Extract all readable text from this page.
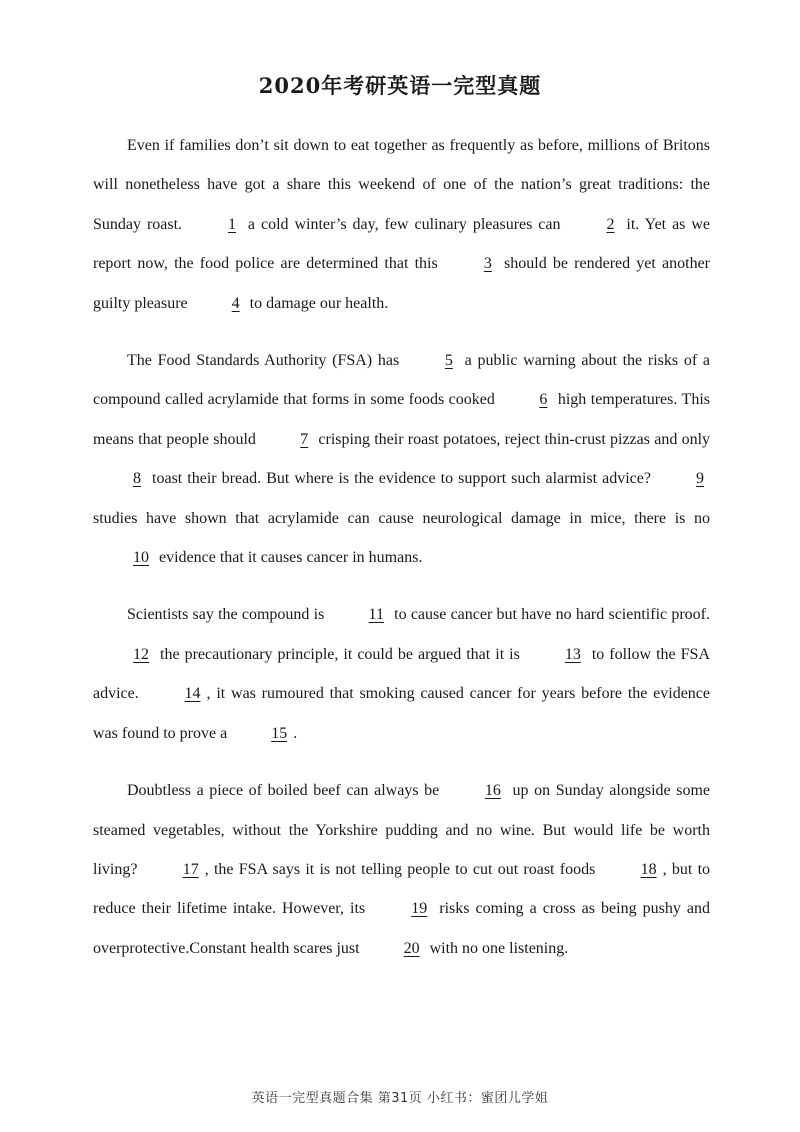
2020年考研英语一完型真题

Even if families don’t sit down to eat together as frequently as before, millions of Britons will nonetheless have got a share this weekend of one of the nation’s great traditions: the Sunday roast.	1 a cold winter’s day, few culinary pleasures can	2 it. Yet as we report now, the food police are determined that this	3 should be rendered yet another guilty pleasure	4 to damage our health.

The Food Standards Authority (FSA) has	5 a public warning about the risks of a compound called acrylamide that forms in some foods cooked	6 high temperatures. This means that people should	7 crisping their roast potatoes, reject thin-crust pizzas and only 8 toast their bread. But where is the evidence to support such alarmist advice?	9 studies have shown that acrylamide can cause neurological damage in mice, there is no 10 evidence that it causes cancer in humans.

Scientists say the compound is	11 to cause cancer but have no hard scientific proof. 12 the precautionary principle, it could be argued that it is	13 to follow the FSA advice.	14 , it was rumoured that smoking caused cancer for years before the evidence was found to prove a	15 .

Doubtless a piece of boiled beef can always be	16 up on Sunday alongside some steamed vegetables, without the Yorkshire pudding and no wine. But would life be worth living?	17 , the FSA says it is not telling people to cut out roast foods	18 , but to reduce their lifetime intake. However, its	19 risks coming a cross as being pushy and overprotective.Constant health scares just	20 with no one listening.

英语一完型真题合集 第31页 小红书：蜜团儿学姐
